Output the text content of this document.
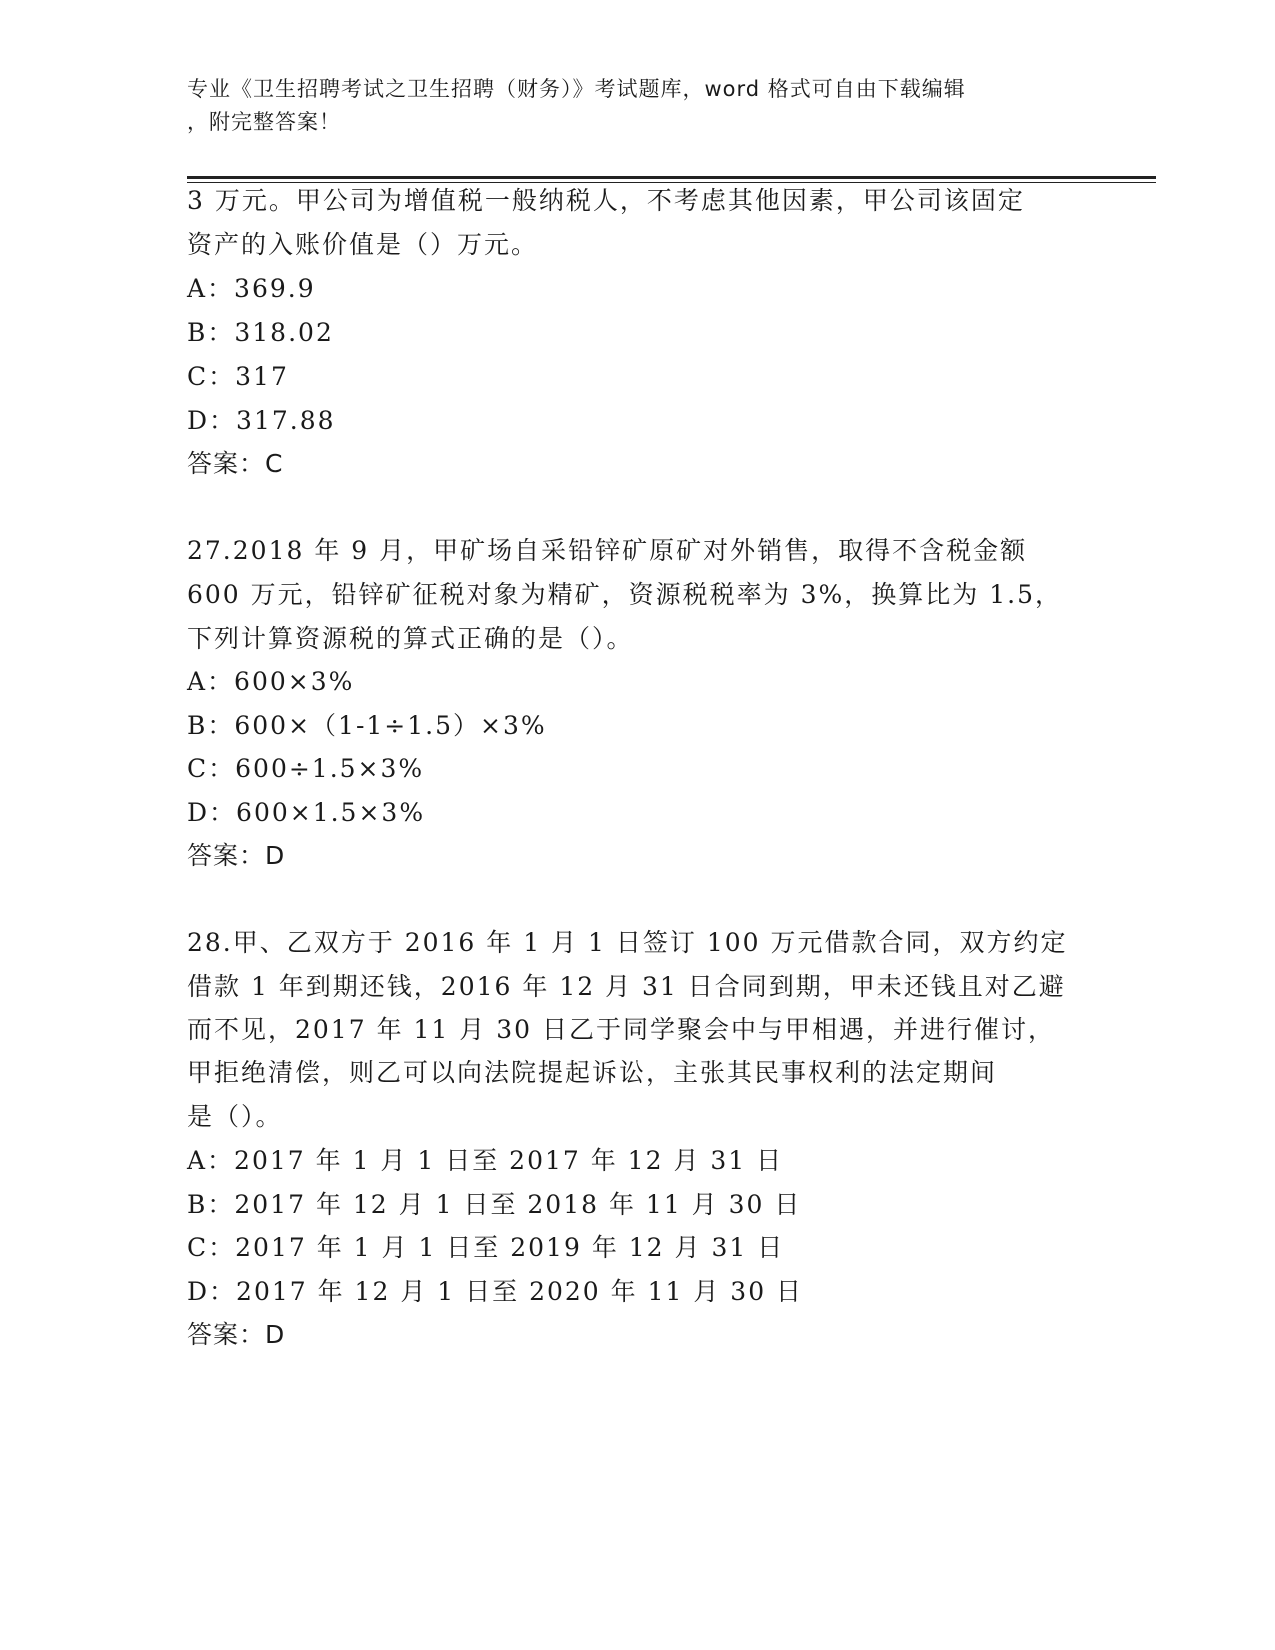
专业《卫生招聘考试之卫生招聘（财务）》考试题库，word 格式可自由下载编辑
，附完整答案！
3 万元。甲公司为增值税一般纳税人，不考虑其他因素，甲公司该固定
资产的入账价值是（）万元。
A：369.9
B：318.02
C：317
D：317.88
答案：C
27.2018 年 9 月，甲矿场自采铅锌矿原矿对外销售，取得不含税金额
600 万元，铅锌矿征税对象为精矿，资源税税率为 3%，换算比为 1.5，
下列计算资源税的算式正确的是（）。
A：600×3%
B：600×（1-1÷1.5）×3%
C：600÷1.5×3%
D：600×1.5×3%
答案：D
28.甲、乙双方于 2016 年 1 月 1 日签订 100 万元借款合同，双方约定
借款 1 年到期还钱，2016 年 12 月 31 日合同到期，甲未还钱且对乙避
而不见，2017 年 11 月 30 日乙于同学聚会中与甲相遇，并进行催讨，
甲拒绝清偿，则乙可以向法院提起诉讼，主张其民事权利的法定期间
是（）。
A：2017 年 1 月 1 日至 2017 年 12 月 31 日
B：2017 年 12 月 1 日至 2018 年 11 月 30 日
C：2017 年 1 月 1 日至 2019 年 12 月 31 日
D：2017 年 12 月 1 日至 2020 年 11 月 30 日
答案：D
